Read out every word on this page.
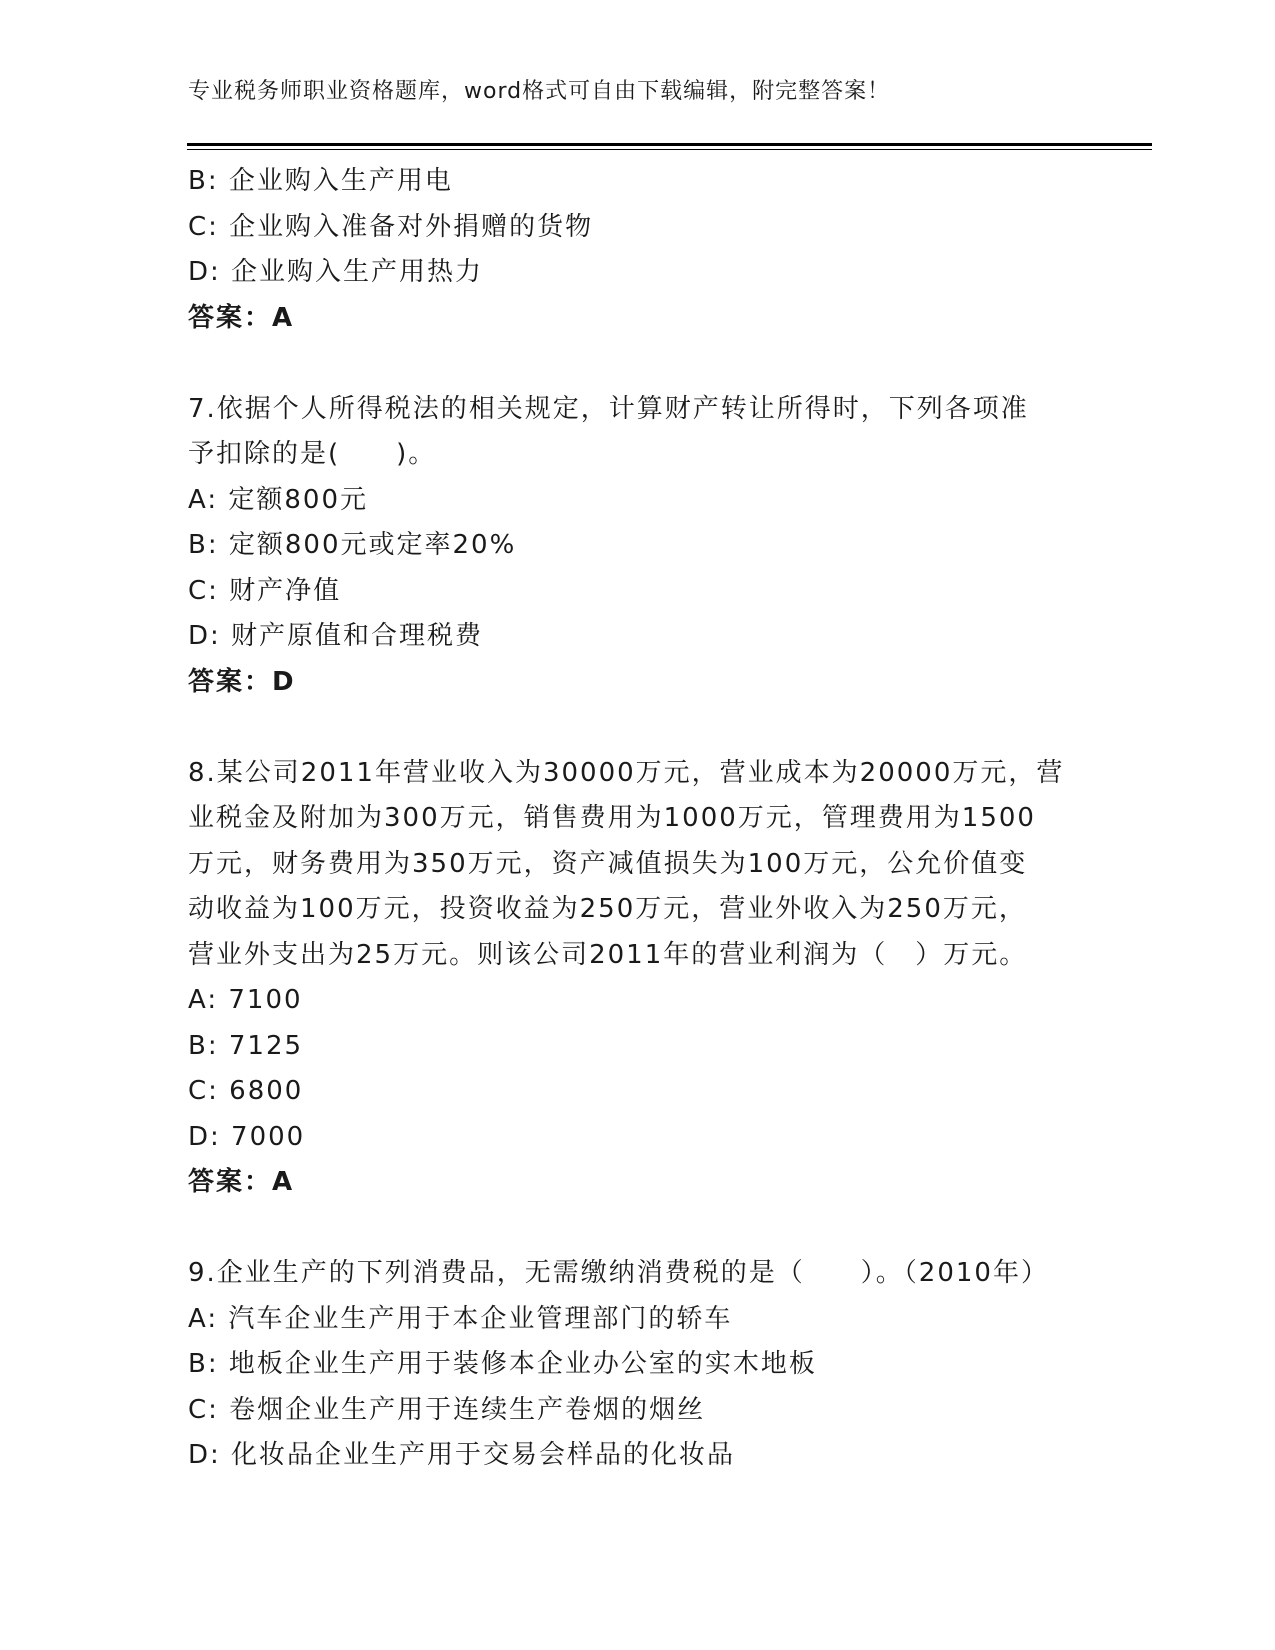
专业税务师职业资格题库，word格式可自由下载编辑，附完整答案！
B: 企业购入生产用电
C: 企业购入准备对外捐赠的货物
D: 企业购入生产用热力
答案：A
7.依据个人所得税法的相关规定，计算财产转让所得时，下列各项准
予扣除的是(　　)。
A: 定额800元
B: 定额800元或定率20%
C: 财产净值
D: 财产原值和合理税费
答案：D
8.某公司2011年营业收入为30000万元，营业成本为20000万元，营
业税金及附加为300万元，销售费用为1000万元，管理费用为1500
万元，财务费用为350万元，资产减值损失为100万元，公允价值变
动收益为100万元，投资收益为250万元，营业外收入为250万元，
营业外支出为25万元。则该公司2011年的营业利润为（　）万元。
A: 7100
B: 7125
C: 6800
D: 7000
答案：A
9.企业生产的下列消费品，无需缴纳消费税的是（　　）。（2010年）
A: 汽车企业生产用于本企业管理部门的轿车
B: 地板企业生产用于装修本企业办公室的实木地板
C: 卷烟企业生产用于连续生产卷烟的烟丝
D: 化妆品企业生产用于交易会样品的化妆品
